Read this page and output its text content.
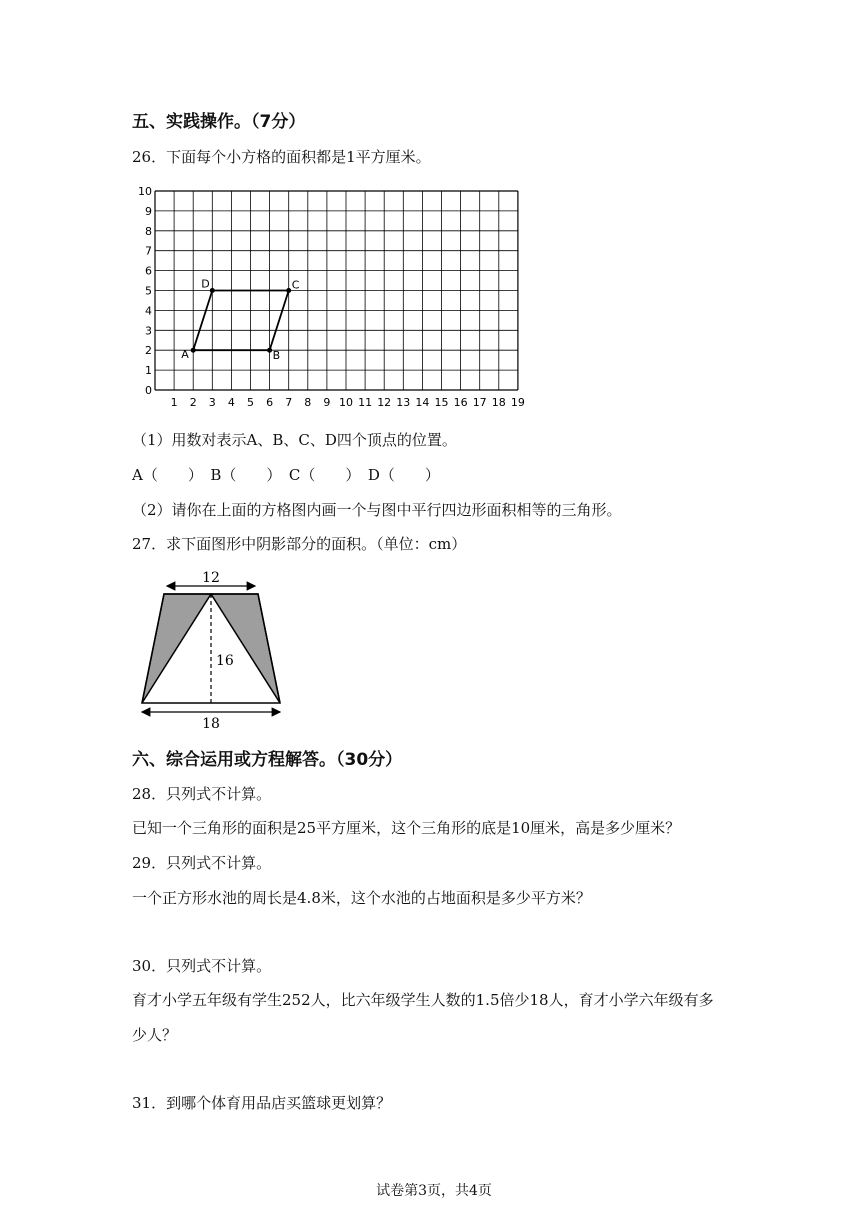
五、实践操作。（7分）
26．下面每个小方格的面积都是1平方厘米。
1 2 3 4 5 6 7 8 9 10 11 12 13 14 15 16 17 18 19
0
1
2
3
4
5
6
7
8
9
10
A	B
C
D
（1）用数对表示A、B、C、D四个顶点的位置。
A（　　）　B（　　）　C（　　）　D（　　）
（2）请你在上面的方格图内画一个与图中平行四边形面积相等的三角形。
27．求下面图形中阴影部分的面积。（单位：cm）
12
16
18
六、综合运用或方程解答。（30分）
28．只列式不计算。
已知一个三角形的面积是25平方厘米，这个三角形的底是10厘米，高是多少厘米？
29．只列式不计算。
一个正方形水池的周长是4.8米，这个水池的占地面积是多少平方米？
30．只列式不计算。
育才小学五年级有学生252人，比六年级学生人数的1.5倍少18人，育才小学六年级有多
少人？
31．到哪个体育用品店买篮球更划算？
试卷第3页，共4页
